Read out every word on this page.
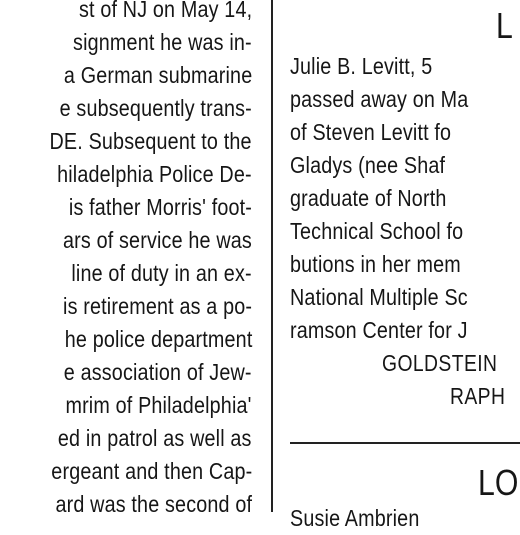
st of NJ on May 14,
signment he was in-
a German submarine
e subsequently trans-
DE. Subsequent to the
hiladelphia Police De-
is father Morris' foot-
ars of service he was
line of duty in an ex-
is retirement as a po-
he police department
e association of Jew-
mrim of Philadelphia'
ed in patrol as well as
ergeant and then Cap-
ard was the second of
L
Julie B. Levitt, 5
passed away on Ma
of Steven Levitt fo
Gladys (nee Shaf
graduate of North
Technical School fo
butions in her mem
National Multiple Sc
ramson Center for J
GOLDSTEIN
RAPH
LO
Susie Ambrien
